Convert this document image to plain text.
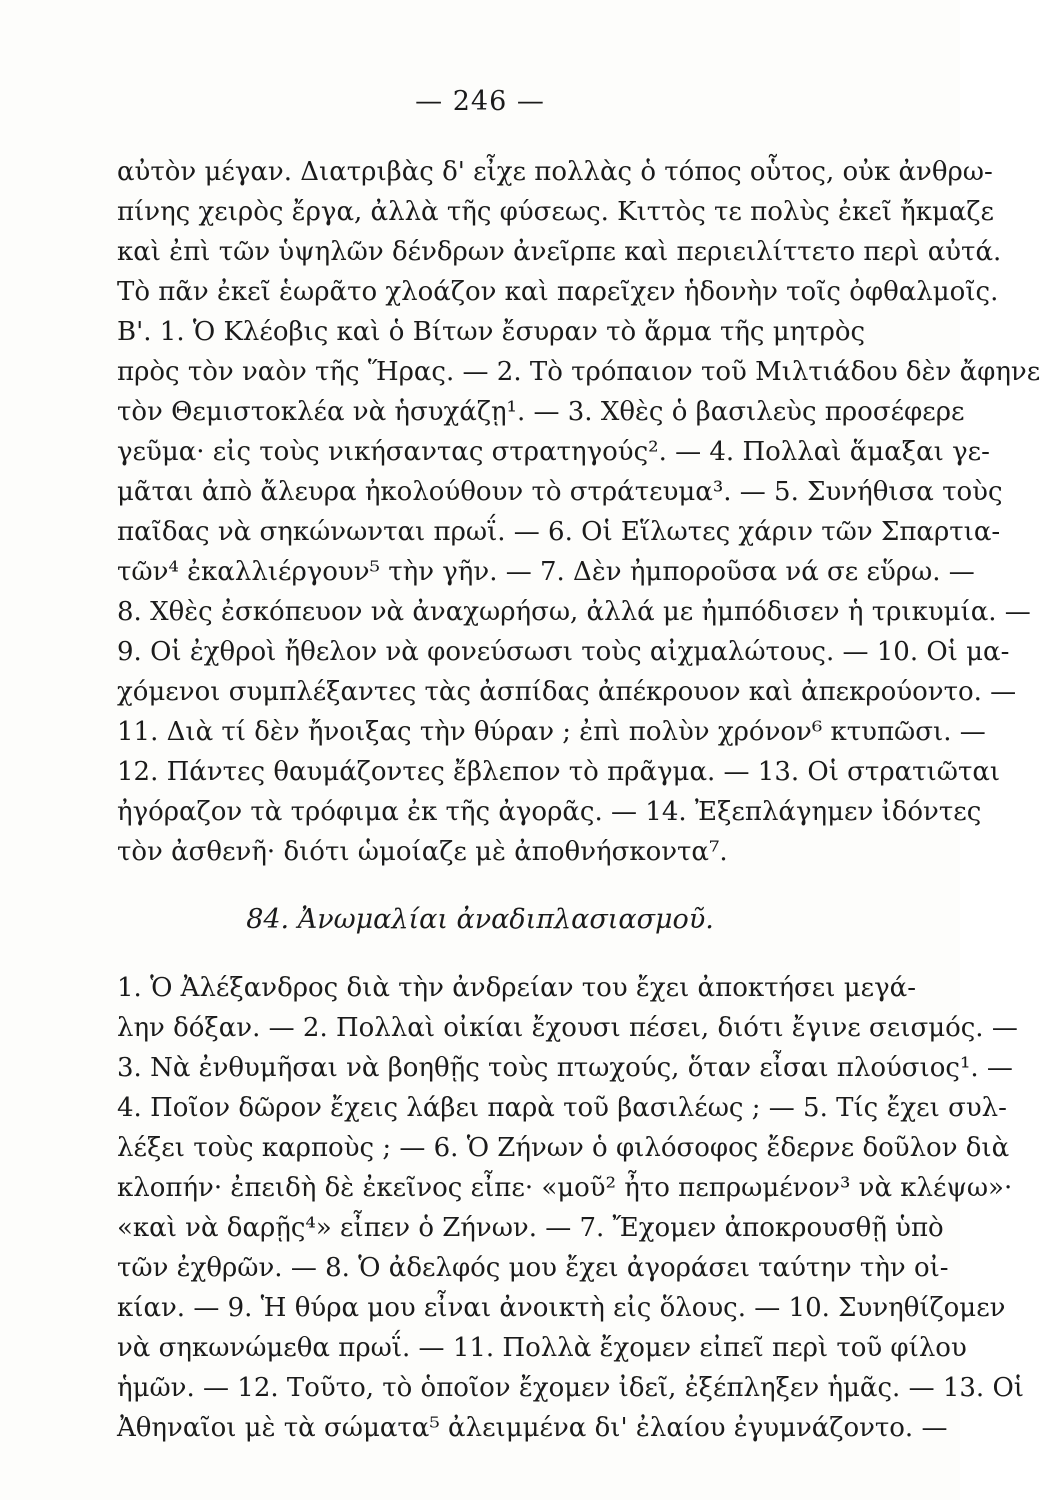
— 246 —
αὐτὸν μέγαν. Διατριβὰς δ' εἶχε πολλὰς ὁ τόπος οὗτος, οὐκ ἀνθρω-
πίνης χειρὸς ἔργα, ἀλλὰ τῆς φύσεως. Κιττὸς τε πολὺς ἐκεῖ ἤκμαζε
καὶ ἐπὶ τῶν ὑψηλῶν δένδρων ἀνεῖρπε καὶ περιειλίττετο περὶ αὐτά.
Τὸ πᾶν ἐκεῖ ἑωρᾶτο χλοάζον καὶ παρεῖχεν ἡδονὴν τοῖς ὀφθαλμοῖς.
Β'. 1. Ὁ Κλέοβις καὶ ὁ Βίτων ἔσυραν τὸ ἅρμα τῆς μητρὸς
πρὸς τὸν ναὸν τῆς Ἥρας. — 2. Τὸ τρόπαιον τοῦ Μιλτιάδου δὲν ἄφηνε
τὸν Θεμιστοκλέα νὰ ἡσυχάζῃ¹. — 3. Χθὲς ὁ βασιλεὺς προσέφερε
γεῦμα· εἰς τοὺς νικήσαντας στρατηγούς². — 4. Πολλαὶ ἅμαξαι γε-
μᾶται ἀπὸ ἄλευρα ἠκολούθουν τὸ στράτευμα³. — 5. Συνήθισα τοὺς
παῖδας νὰ σηκώνωνται πρωΐ. — 6. Οἱ Εἵλωτες χάριν τῶν Σπαρτια-
τῶν⁴ ἐκαλλιέργουν⁵ τὴν γῆν. — 7. Δὲν ἠμποροῦσα νά σε εὕρω. —
8. Χθὲς ἐσκόπευον νὰ ἀναχωρήσω, ἀλλά με ἠμπόδισεν ἡ τρικυμία. —
9. Οἱ ἐχθροὶ ἤθελον νὰ φονεύσωσι τοὺς αἰχμαλώτους. — 10. Οἱ μα-
χόμενοι συμπλέξαντες τὰς ἀσπίδας ἀπέκρουον καὶ ἀπεκρούοντο. —
11. Διὰ τί δὲν ἤνοιξας τὴν θύραν ; ἐπὶ πολὺν χρόνον⁶ κτυπῶσι. —
12. Πάντες θαυμάζοντες ἔβλεπον τὸ πρᾶγμα. — 13. Οἱ στρατιῶται
ἠγόραζον τὰ τρόφιμα ἐκ τῆς ἀγορᾶς. — 14. Ἐξεπλάγημεν ἰδόντες
τὸν ἀσθενῆ· διότι ὡμοίαζε μὲ ἀποθνήσκοντα⁷.
84. Ἀνωμαλίαι ἀναδιπλασιασμοῦ.
1. Ὁ Ἀλέξανδρος διὰ τὴν ἀνδρείαν του ἔχει ἀποκτήσει μεγά-
λην δόξαν. — 2. Πολλαὶ οἰκίαι ἔχουσι πέσει, διότι ἔγινε σεισμός. —
3. Νὰ ἐνθυμῆσαι νὰ βοηθῇς τοὺς πτωχούς, ὅταν εἶσαι πλούσιος¹. —
4. Ποῖον δῶρον ἔχεις λάβει παρὰ τοῦ βασιλέως ; — 5. Τίς ἔχει συλ-
λέξει τοὺς καρποὺς ; — 6. Ὁ Ζήνων ὁ φιλόσοφος ἔδερνε δοῦλον διὰ
κλοπήν· ἐπειδὴ δὲ ἐκεῖνος εἶπε· «μοῦ² ἦτο πεπρωμένον³ νὰ κλέψω»·
«καὶ νὰ δαρῇς⁴» εἶπεν ὁ Ζήνων. — 7. Ἔχομεν ἀποκρουσθῇ ὑπὸ
τῶν ἐχθρῶν. — 8. Ὁ ἀδελφός μου ἔχει ἀγοράσει ταύτην τὴν οἰ-
κίαν. — 9. Ἡ θύρα μου εἶναι ἀνοικτὴ εἰς ὅλους. — 10. Συνηθίζομεν
νὰ σηκωνώμεθα πρωΐ. — 11. Πολλὰ ἔχομεν εἰπεῖ περὶ τοῦ φίλου
ἡμῶν. — 12. Τοῦτο, τὸ ὁποῖον ἔχομεν ἰδεῖ, ἐξέπληξεν ἡμᾶς. — 13. Οἱ
Ἀθηναῖοι μὲ τὰ σώματα⁵ ἀλειμμένα δι' ἐλαίου ἐγυμνάζοντο. —
